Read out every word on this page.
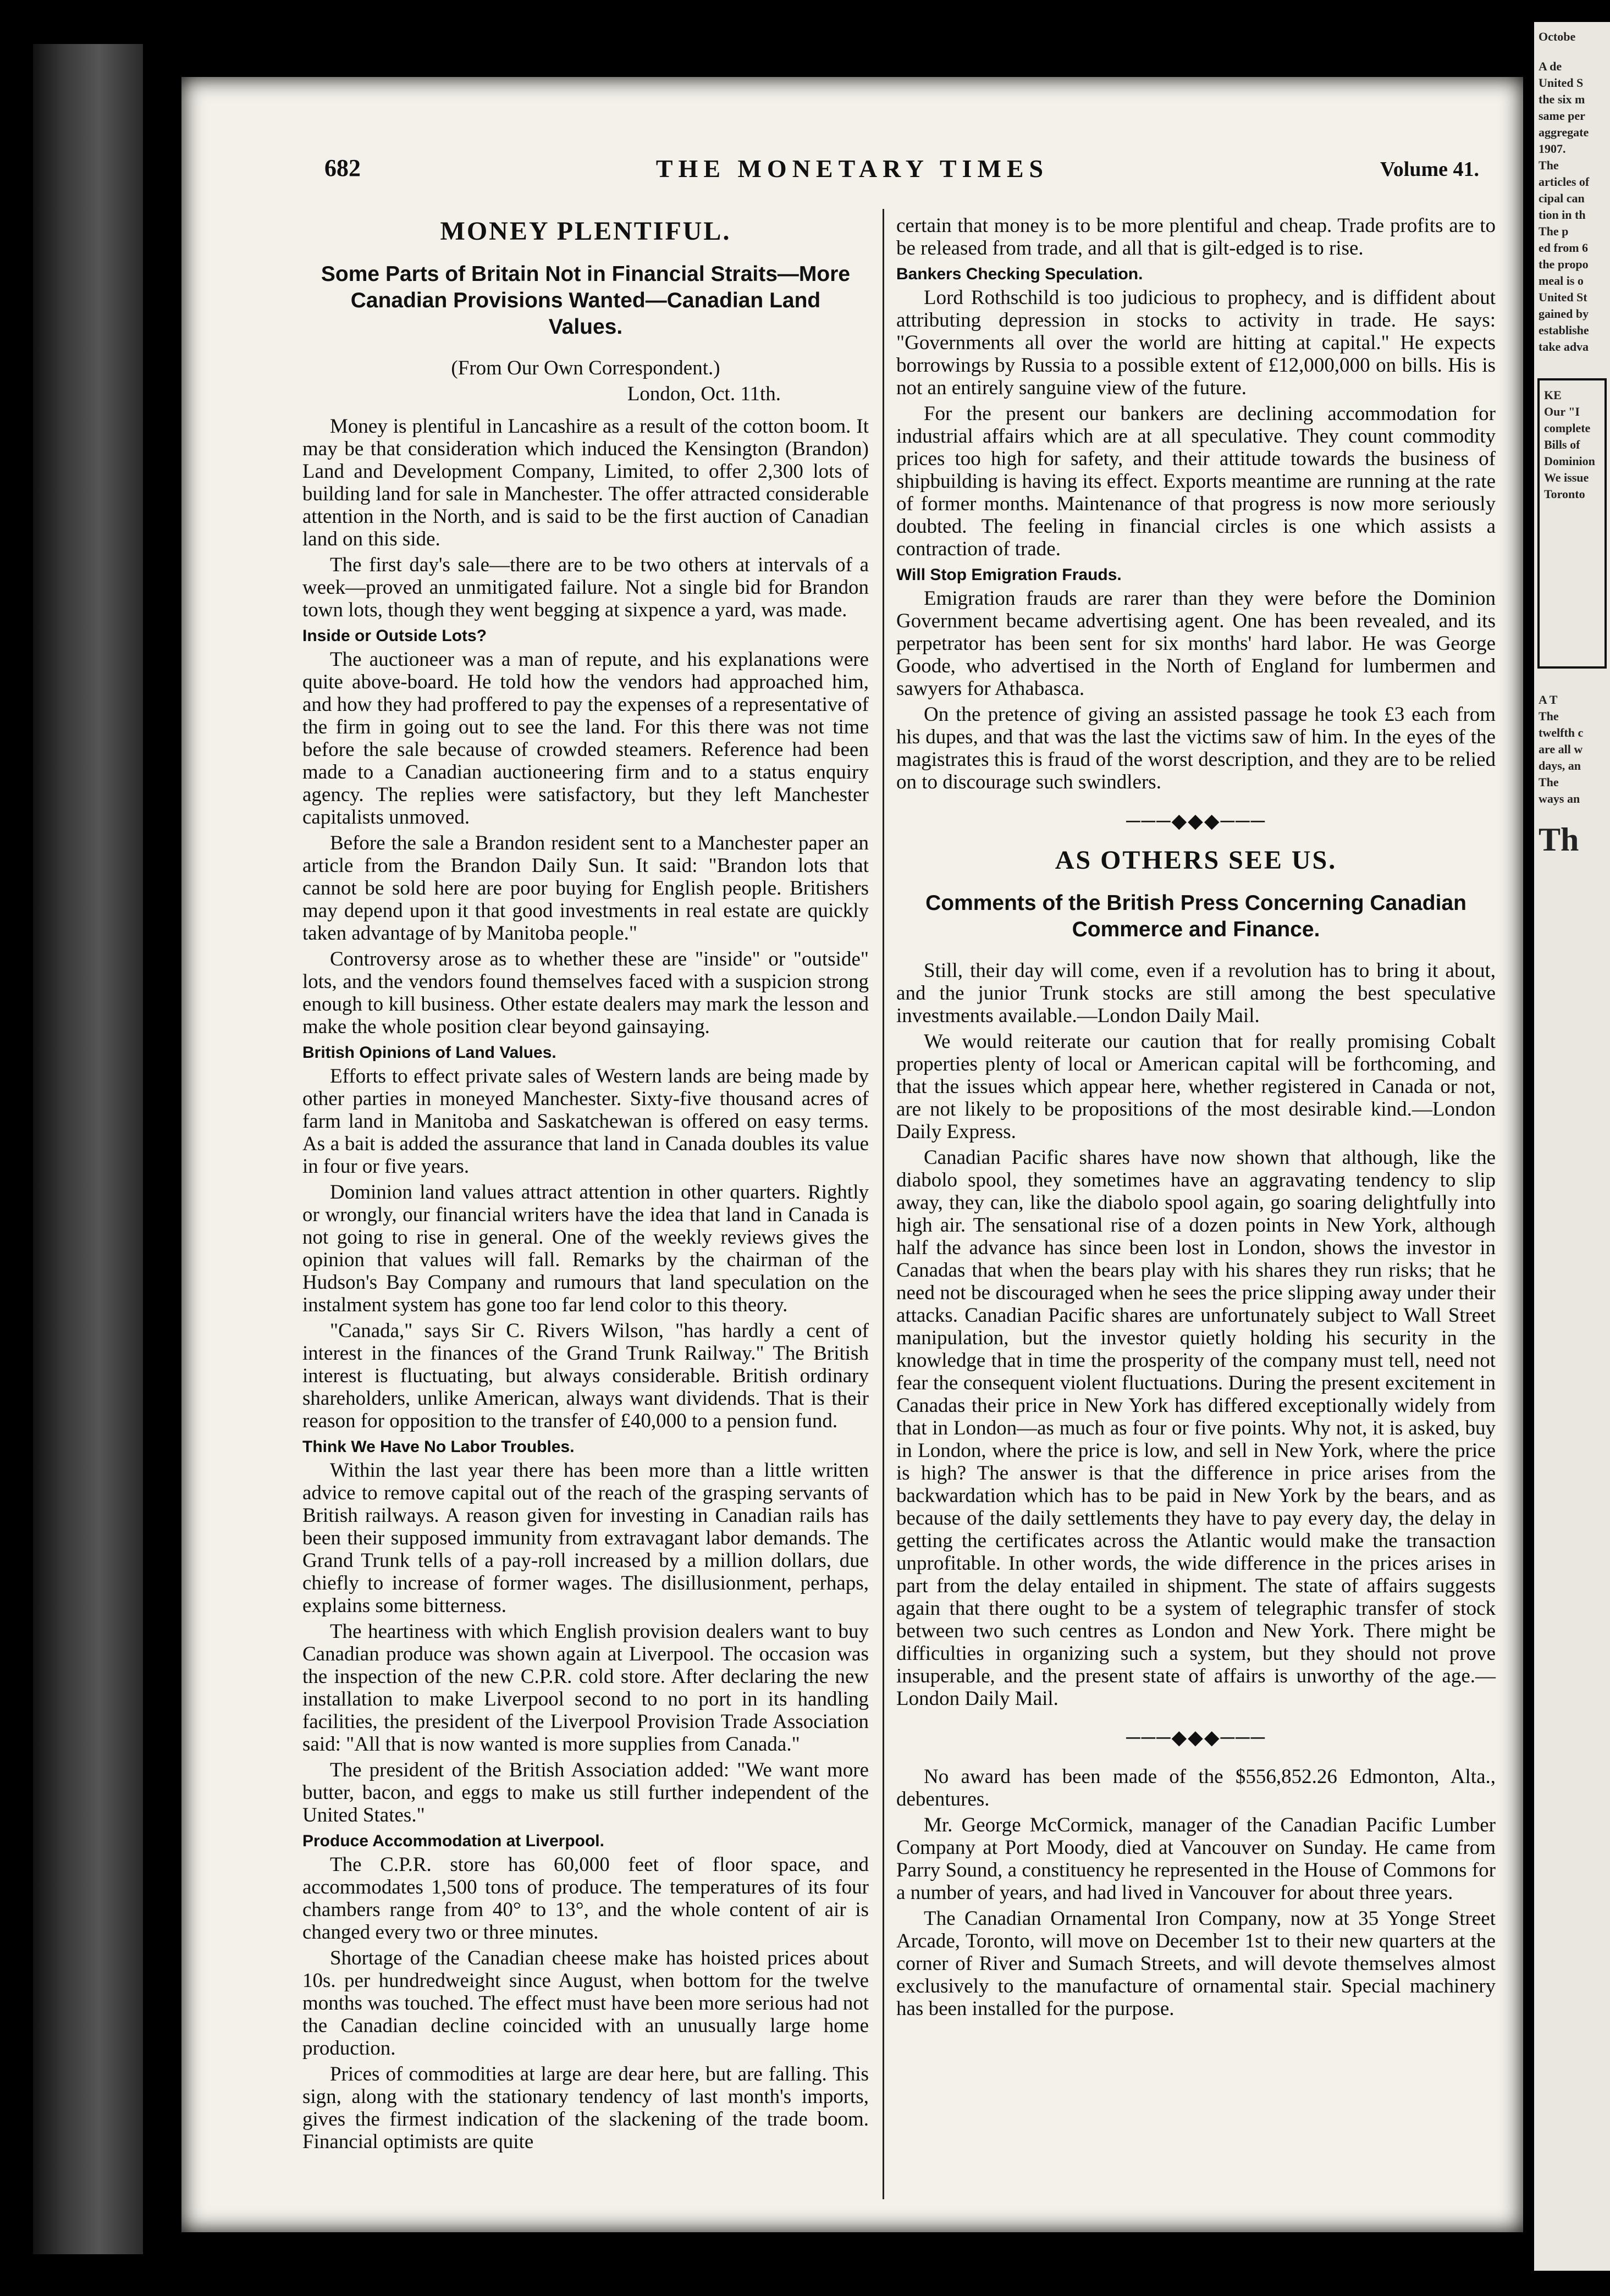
682	THE MONETARY TIMES	Volume 41.
MONEY PLENTIFUL.
Some Parts of Britain Not in Financial Straits—More Canadian Provisions Wanted—Canadian Land Values.

(From Our Own Correspondent.)

London, Oct. 11th.

Money is plentiful in Lancashire as a result of the cotton boom. It may be that consideration which induced the Kensington (Brandon) Land and Development Company, Limited, to offer 2,300 lots of building land for sale in Manchester. The offer attracted considerable attention in the North, and is said to be the first auction of Canadian land on this side.

The first day's sale—there are to be two others at intervals of a week—proved an unmitigated failure. Not a single bid for Brandon town lots, though they went begging at sixpence a yard, was made.

Inside or Outside Lots?

The auctioneer was a man of repute, and his explanations were quite above-board. He told how the vendors had approached him, and how they had proffered to pay the expenses of a representative of the firm in going out to see the land. For this there was not time before the sale because of crowded steamers. Reference had been made to a Canadian auctioneering firm and to a status enquiry agency. The replies were satisfactory, but they left Manchester capitalists unmoved.

Before the sale a Brandon resident sent to a Manchester paper an article from the Brandon Daily Sun. It said: "Brandon lots that cannot be sold here are poor buying for English people. Britishers may depend upon it that good investments in real estate are quickly taken advantage of by Manitoba people."

Controversy arose as to whether these are "inside" or "outside" lots, and the vendors found themselves faced with a suspicion strong enough to kill business. Other estate dealers may mark the lesson and make the whole position clear beyond gainsaying.

British Opinions of Land Values.

Efforts to effect private sales of Western lands are being made by other parties in moneyed Manchester. Sixty-five thousand acres of farm land in Manitoba and Saskatchewan is offered on easy terms. As a bait is added the assurance that land in Canada doubles its value in four or five years.

Dominion land values attract attention in other quarters. Rightly or wrongly, our financial writers have the idea that land in Canada is not going to rise in general. One of the weekly reviews gives the opinion that values will fall. Remarks by the chairman of the Hudson's Bay Company and rumours that land speculation on the instalment system has gone too far lend color to this theory.

"Canada," says Sir C. Rivers Wilson, "has hardly a cent of interest in the finances of the Grand Trunk Railway." The British interest is fluctuating, but always considerable. British ordinary shareholders, unlike American, always want dividends. That is their reason for opposition to the transfer of £40,000 to a pension fund.

Think We Have No Labor Troubles.

Within the last year there has been more than a little written advice to remove capital out of the reach of the grasping servants of British railways. A reason given for investing in Canadian rails has been their supposed immunity from extravagant labor demands. The Grand Trunk tells of a pay-roll increased by a million dollars, due chiefly to increase of former wages. The disillusionment, perhaps, explains some bitterness.

The heartiness with which English provision dealers want to buy Canadian produce was shown again at Liverpool. The occasion was the inspection of the new C.P.R. cold store. After declaring the new installation to make Liverpool second to no port in its handling facilities, the president of the Liverpool Provision Trade Association said: "All that is now wanted is more supplies from Canada."

The president of the British Association added: "We want more butter, bacon, and eggs to make us still further independent of the United States."

Produce Accommodation at Liverpool.

The C.P.R. store has 60,000 feet of floor space, and accommodates 1,500 tons of produce. The temperatures of its four chambers range from 40° to 13°, and the whole content of air is changed every two or three minutes.

Shortage of the Canadian cheese make has hoisted prices about 10s. per hundredweight since August, when bottom for the twelve months was touched. The effect must have been more serious had not the Canadian decline coincided with an unusually large home production.

Prices of commodities at large are dear here, but are falling. This sign, along with the stationary tendency of last month's imports, gives the firmest indication of the slackening of the trade boom. Financial optimists are quite

certain that money is to be more plentiful and cheap. Trade profits are to be released from trade, and all that is gilt-edged is to rise.

Bankers Checking Speculation.

Lord Rothschild is too judicious to prophecy, and is diffident about attributing depression in stocks to activity in trade. He says: "Governments all over the world are hitting at capital." He expects borrowings by Russia to a possible extent of £12,000,000 on bills. His is not an entirely sanguine view of the future.

For the present our bankers are declining accommodation for industrial affairs which are at all speculative. They count commodity prices too high for safety, and their attitude towards the business of shipbuilding is having its effect. Exports meantime are running at the rate of former months. Maintenance of that progress is now more seriously doubted. The feeling in financial circles is one which assists a contraction of trade.

Will Stop Emigration Frauds.

Emigration frauds are rarer than they were before the Dominion Government became advertising agent. One has been revealed, and its perpetrator has been sent for six months' hard labor. He was George Goode, who advertised in the North of England for lumbermen and sawyers for Athabasca.

On the pretence of giving an assisted passage he took £3 each from his dupes, and that was the last the victims saw of him. In the eyes of the magistrates this is fraud of the worst description, and they are to be relied on to discourage such swindlers.

───◆◆◆───
AS OTHERS SEE US.
Comments of the British Press Concerning Canadian Commerce and Finance.

Still, their day will come, even if a revolution has to bring it about, and the junior Trunk stocks are still among the best speculative investments available.—London Daily Mail.

We would reiterate our caution that for really promising Cobalt properties plenty of local or American capital will be forthcoming, and that the issues which appear here, whether registered in Canada or not, are not likely to be propositions of the most desirable kind.—London Daily Express.

Canadian Pacific shares have now shown that although, like the diabolo spool, they sometimes have an aggravating tendency to slip away, they can, like the diabolo spool again, go soaring delightfully into high air. The sensational rise of a dozen points in New York, although half the advance has since been lost in London, shows the investor in Canadas that when the bears play with his shares they run risks; that he need not be discouraged when he sees the price slipping away under their attacks. Canadian Pacific shares are unfortunately subject to Wall Street manipulation, but the investor quietly holding his security in the knowledge that in time the prosperity of the company must tell, need not fear the consequent violent fluctuations. During the present excitement in Canadas their price in New York has differed exceptionally widely from that in London—as much as four or five points. Why not, it is asked, buy in London, where the price is low, and sell in New York, where the price is high? The answer is that the difference in price arises from the backwardation which has to be paid in New York by the bears, and as because of the daily settlements they have to pay every day, the delay in getting the certificates across the Atlantic would make the transaction unprofitable. In other words, the wide difference in the prices arises in part from the delay entailed in shipment. The state of affairs suggests again that there ought to be a system of telegraphic transfer of stock between two such centres as London and New York. There might be difficulties in organizing such a system, but they should not prove insuperable, and the present state of affairs is unworthy of the age.—London Daily Mail.

───◆◆◆───

No award has been made of the $556,852.26 Edmonton, Alta., debentures.

Mr. George McCormick, manager of the Canadian Pacific Lumber Company at Port Moody, died at Vancouver on Sunday. He came from Parry Sound, a constituency he represented in the House of Commons for a number of years, and had lived in Vancouver for about three years.

The Canadian Ornamental Iron Company, now at 35 Yonge Street Arcade, Toronto, will move on December 1st to their new quarters at the corner of River and Sumach Streets, and will devote themselves almost exclusively to the manufacture of ornamental stair. Special machinery has been installed for the purpose.

Octobe
A de
United S
the six m
same per
aggregate
1907.
The
articles of
cipal can
tion in th
The p
ed from 6
the propo
meal is o
United St
gained by
establishe
take adva
KE
Our "I
complete
Bills of
Dominion
We issue
Toronto
A T
The
twelfth c
are all w
days, an
The
ways an
Th
